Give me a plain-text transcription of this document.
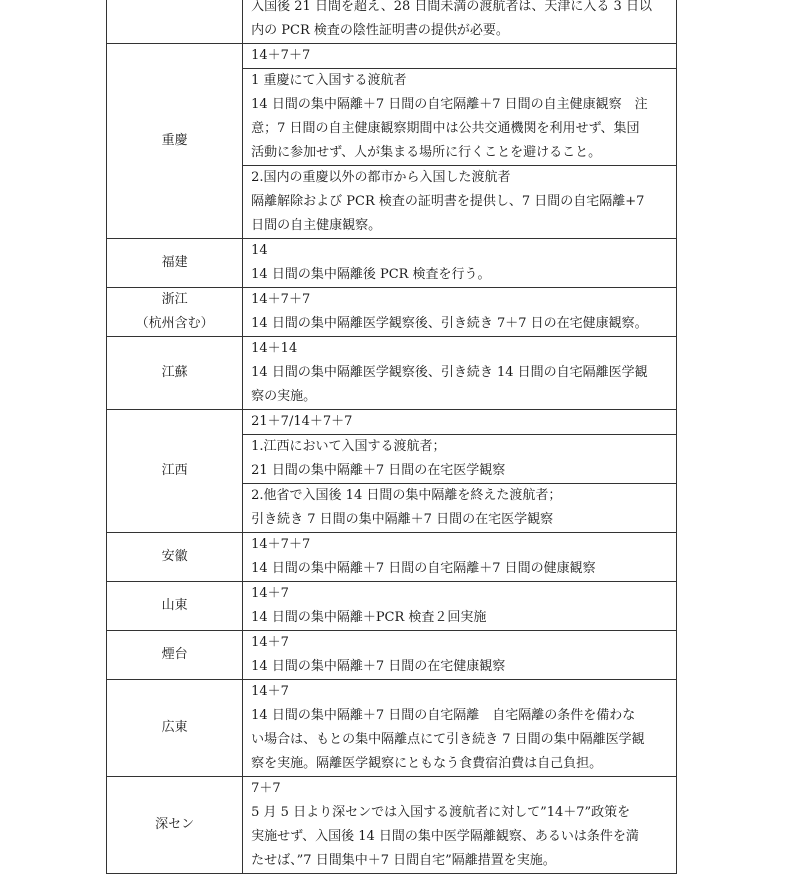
	入国後 21 日間を超え、28 日間未満の渡航者は、天津に入る 3 日以
内の PCR 検査の陰性証明書の提供が必要。

重慶	14＋7＋7

	1 重慶にて入国する渡航者
14 日間の集中隔離＋7 日間の自宅隔離＋7 日間の自主健康観察　注
意；7 日間の自主健康観察期間中は公共交通機関を利用せず、集団
活動に参加せず、人が集まる場所に行くことを避けること。

	2.国内の重慶以外の都市から入国した渡航者
隔離解除および PCR 検査の証明書を提供し、7 日間の自宅隔離+7
日間の自主健康観察。

福建	14
14 日間の集中隔離後 PCR 検査を行う。

浙江
（杭州含む）	14＋7＋7
14 日間の集中隔離医学観察後、引き続き 7＋7 日の在宅健康観察。

江蘇	14＋14
14 日間の集中隔離医学観察後、引き続き 14 日間の自宅隔離医学観
察の実施。

江西	21＋7/14＋7＋7

	1.江西において入国する渡航者；
21 日間の集中隔離＋7 日間の在宅医学観察

	2.他省で入国後 14 日間の集中隔離を終えた渡航者；
引き続き 7 日間の集中隔離＋7 日間の在宅医学観察

安徽	14＋7＋7
14 日間の集中隔離＋7 日間の自宅隔離＋7 日間の健康観察

山東	14＋7
14 日間の集中隔離＋PCR 検査２回実施

煙台	14＋7
14 日間の集中隔離＋7 日間の在宅健康観察

広東	14＋7
14 日間の集中隔離＋7 日間の自宅隔離　自宅隔離の条件を備わな
い場合は、もとの集中隔離点にて引き続き 7 日間の集中隔離医学観
察を実施。隔離医学観察にともなう食費宿泊費は自己負担。

深セン	7＋7
5 月 5 日より深センでは入国する渡航者に対して”14＋7”政策を
実施せず、入国後 14 日間の集中医学隔離観察、あるいは条件を満
たせば、”7 日間集中＋7 日間自宅”隔離措置を実施。
